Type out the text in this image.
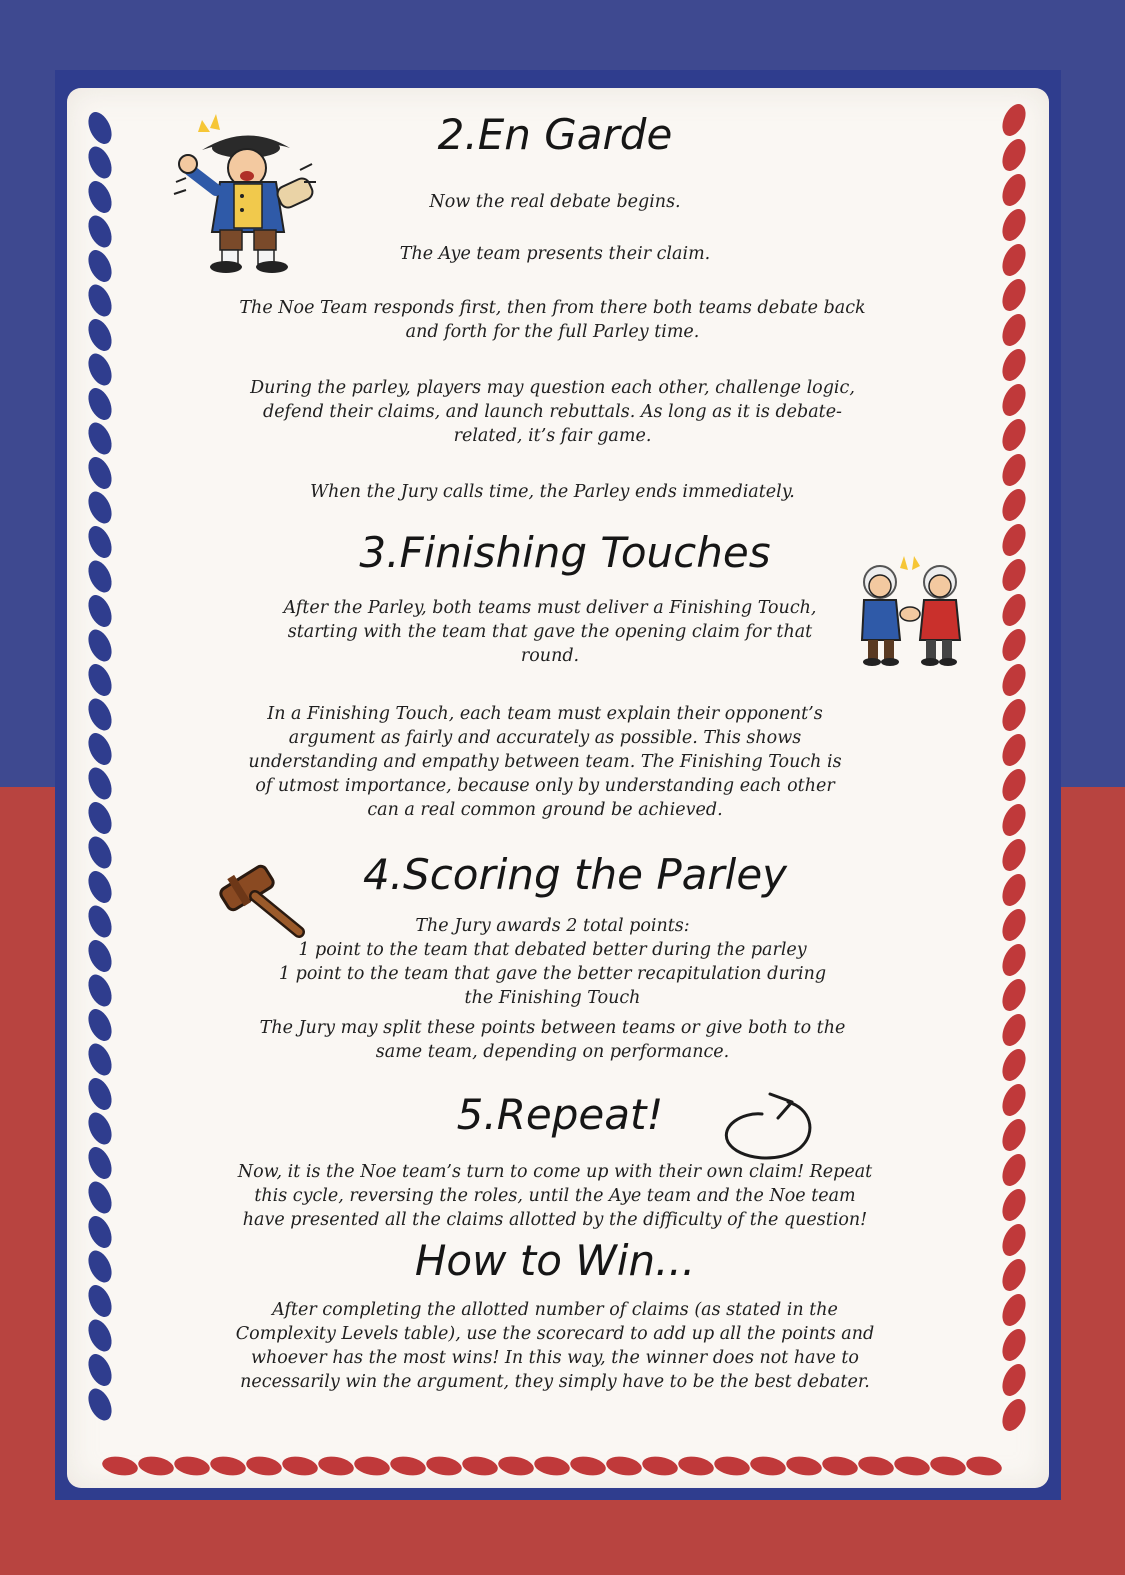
2.En Garde
Now the real debate begins.
The Aye team presents their claim.
The Noe Team responds first, then from there both teams debate back
and forth for the full Parley time.
During the parley, players may question each other, challenge logic,
defend their claims, and launch rebuttals. As long as it is debate-
related, it’s fair game.
When the Jury calls time, the Parley ends immediately.
3.Finishing Touches
After the Parley, both teams must deliver a Finishing Touch,
starting with the team that gave the opening claim for that
round.
In a Finishing Touch, each team must explain their opponent’s
argument as fairly and accurately as possible. This shows
understanding and empathy between team. The Finishing Touch is
of utmost importance, because only by understanding each other
can a real common ground be achieved.
4.Scoring the Parley
The Jury awards 2 total points:
1 point to the team that debated better during the parley
1 point to the team that gave the better recapitulation during
the Finishing Touch
The Jury may split these points between teams or give both to the
same team, depending on performance.
5.Repeat!
Now, it is the Noe team’s turn to come up with their own claim! Repeat
this cycle, reversing the roles, until the Aye team and the Noe team
have presented all the claims allotted by the difficulty of the question!
How to Win...
After completing the allotted number of claims (as stated in the
Complexity Levels table), use the scorecard to add up all the points and
whoever has the most wins! In this way, the winner does not have to
necessarily win the argument, they simply have to be the best debater.
